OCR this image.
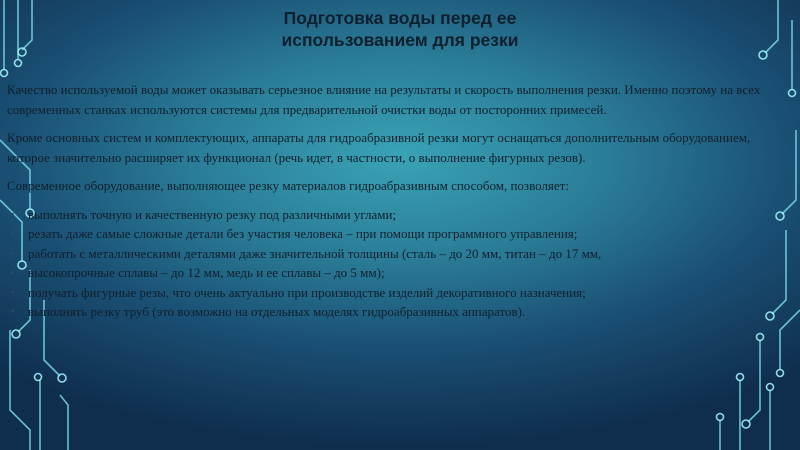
Подготовка воды перед ее
использованием для резки

Качество используемой воды может оказывать серьезное влияние на результаты и скорость выполнения резки. Именно поэтому на всех современных станках используются системы для предварительной очистки воды от посторонних примесей.

Кроме основных систем и комплектующих, аппараты для гидроабразивной резки могут оснащаться дополнительным оборудованием, которое значительно расширяет их функционал (речь идет, в частности, о выполнение фигурных резов).

Современное оборудование, выполняющее резку материалов гидроабразивным способом, позволяет:

▪ выполнять точную и качественную резку под различными углами;
▪ резать даже самые сложные детали без участия человека – при помощи программного управления;
▪ работать с металлическими деталями даже значительной толщины (сталь – до 20 мм, титан – до 17 мм,
▪ высокопрочные сплавы – до 12 мм, медь и ее сплавы – до 5 мм);
▪ получать фигурные резы, что очень актуально при производстве изделий декоративного назначения;
▪ выполнять резку труб (это возможно на отдельных моделях гидроабразивных аппаратов).
